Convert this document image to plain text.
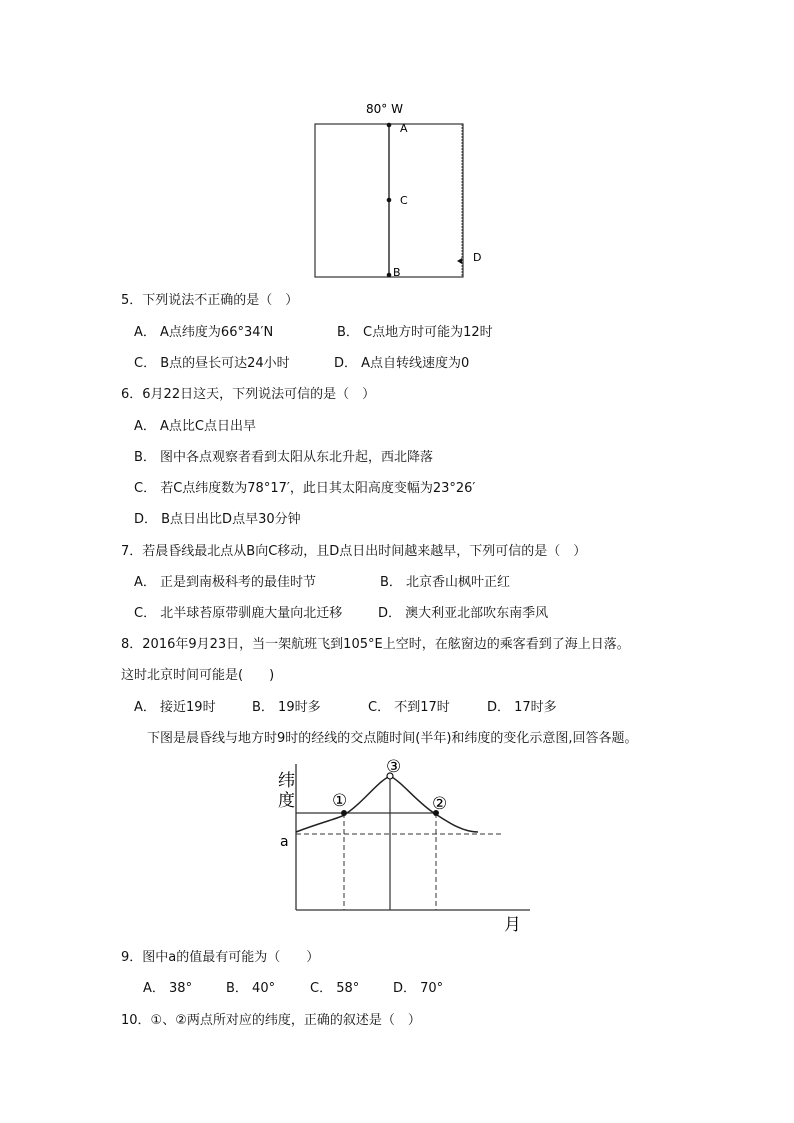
80° W
A
C
B
D
5．下列说法不正确的是（　）
A． A点纬度为66°34′N	B． C点地方时可能为12时
C． B点的昼长可达24小时	D． A点自转线速度为0
6．6月22日这天，下列说法可信的是（　）
A． A点比C点日出早
B． 图中各点观察者看到太阳从东北升起，西北降落
C． 若C点纬度数为78°17′，此日其太阳高度变幅为23°26′
D． B点日出比D点早30分钟
7．若晨昏线最北点从B向C移动，且D点日出时间越来越早，下列可信的是（　）
A． 正是到南极科考的最佳时节	B． 北京香山枫叶正红
C． 北半球苔原带驯鹿大量向北迁移	D． 澳大利亚北部吹东南季风
8．2016年9月23日，当一架航班飞到105°E上空时，在舷窗边的乘客看到了海上日落。
这时北京时间可能是(　　)
A． 接近19时	B． 19时多	C． 不到17时	D． 17时多
下图是晨昏线与地方时9时的经线的交点随时间(半年)和纬度的变化示意图,回答各题。
纬
度
月
a
①	②
③
9．图中a的值最有可能为（　　）
A． 38°	B． 40°	C． 58°	D． 70°
10．①、②两点所对应的纬度，正确的叙述是（　）
